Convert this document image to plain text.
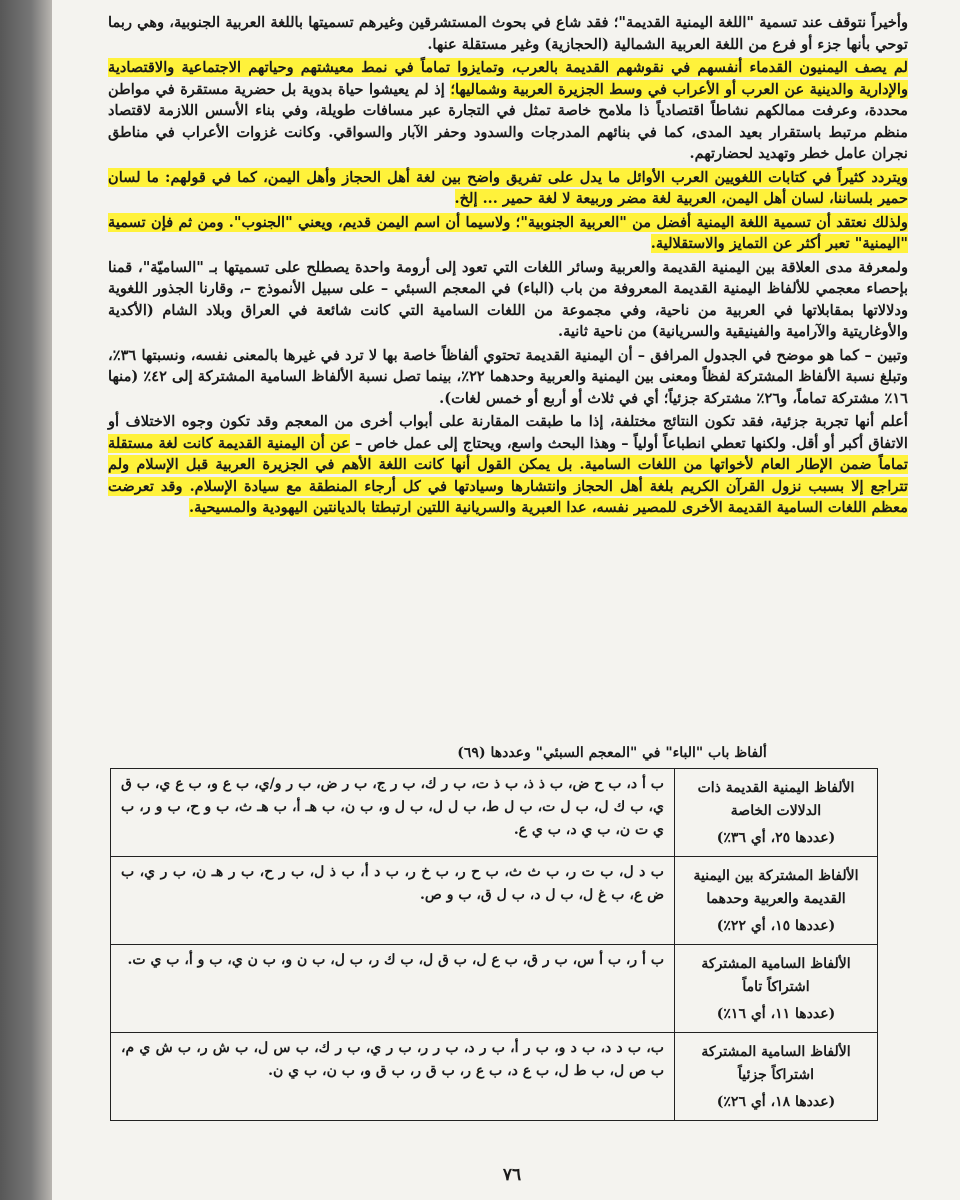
وأخيراً نتوقف عند تسمية "اللغة اليمنية القديمة"؛ فقد شاع في بحوث المستشرقين وغيرهم تسميتها باللغة العربية الجنوبية، وهي ربما توحي بأنها جزء أو فرع من اللغة العربية الشمالية (الحجازية) وغير مستقلة عنها.

لم يصف اليمنيون القدماء أنفسهم في نقوشهم القديمة بالعرب، وتمايزوا تماماً في نمط معيشتهم وحياتهم الاجتماعية والاقتصادية والإدارية والدينية عن العرب أو الأعراب في وسط الجزيرة العربية وشماليها؛ إذ لم يعيشوا حياة بدوية بل حضرية مستقرة في مواطن محددة، وعرفت ممالكهم نشاطاً اقتصادياً ذا ملامح خاصة تمثل في التجارة عبر مسافات طويلة، وفي بناء الأسس اللازمة لاقتصاد منظم مرتبط باستقرار بعيد المدى، كما في بنائهم المدرجات والسدود وحفر الآبار والسواقي. وكانت غزوات الأعراب في مناطق نجران عامل خطر وتهديد لحضارتهم.

ويتردد كثيراً في كتابات اللغويين العرب الأوائل ما يدل على تفريق واضح بين لغة أهل الحجاز وأهل اليمن، كما في قولهم: ما لسان حمير بلساننا، لسان أهل اليمن، العربية لغة مضر وربيعة لا لغة حمير ... إلخ.

ولذلك نعتقد أن تسمية اللغة اليمنية أفضل من "العربية الجنوبية"؛ ولاسيما أن اسم اليمن قديم، ويعني "الجنوب". ومن ثم فإن تسمية "اليمنية" تعبر أكثر عن التمايز والاستقلالية.

ولمعرفة مدى العلاقة بين اليمنية القديمة والعربية وسائر اللغات التي تعود إلى أرومة واحدة يصطلح على تسميتها بـ "الساميّة"، قمنا بإحصاء معجمي للألفاظ اليمنية القديمة المعروفة من باب (الباء) في المعجم السبئي – على سبيل الأنموذج –، وقارنا الجذور اللغوية ودلالاتها بمقابلاتها في العربية من ناحية، وفي مجموعة من اللغات السامية التي كانت شائعة في العراق وبلاد الشام (الأكدية والأوغاريتية والآرامية والفينيقية والسريانية) من ناحية ثانية.

وتبين – كما هو موضح في الجدول المرافق – أن اليمنية القديمة تحتوي ألفاظاً خاصة بها لا ترد في غيرها بالمعنى نفسه، ونسبتها ٣٦٪، وتبلغ نسبة الألفاظ المشتركة لفظاً ومعنى بين اليمنية والعربية وحدهما ٢٢٪، بينما تصل نسبة الألفاظ السامية المشتركة إلى ٤٢٪ (منها ١٦٪ مشتركة تماماً، و٢٦٪ مشتركة جزئياً؛ أي في ثلاث أو أربع أو خمس لغات).

أعلم أنها تجربة جزئية، فقد تكون النتائج مختلفة، إذا ما طبقت المقارنة على أبواب أخرى من المعجم وقد تكون وجوه الاختلاف أو الاتفاق أكبر أو أقل. ولكنها تعطي انطباعاً أولياً – وهذا البحث واسع، ويحتاج إلى عمل خاص – عن أن اليمنية القديمة كانت لغة مستقلة تماماً ضمن الإطار العام لأخواتها من اللغات السامية. بل يمكن القول أنها كانت اللغة الأهم في الجزيرة العربية قبل الإسلام ولم تتراجع إلا بسبب نزول القرآن الكريم بلغة أهل الحجاز وانتشارها وسيادتها في كل أرجاء المنطقة مع سيادة الإسلام. وقد تعرضت معظم اللغات السامية القديمة الأخرى للمصير نفسه، عدا العبرية والسريانية اللتين ارتبطتا بالديانتين اليهودية والمسيحية.

ألفاظ باب "الباء" في "المعجم السبئي" وعددها (٦٩)
الألفاظ اليمنية القديمة ذات الدلالات الخاصة
(عددها ٢٥، أي ٣٦٪)	ب أ د، ب ح ض، ب ذ ذ، ب ذ ت، ب ر ك، ب ر ج، ب ر ض، ب ر و/ي، ب ع و، ب ع ي، ب ق ي، ب ك ل، ب ل ت، ب ل ط، ب ل ل، ب ل و، ب ن، ب هـ أ، ب هـ ث، ب و ح، ب و ر، ب ي ت ن، ب ي د، ب ي ع.

الألفاظ المشتركة بين اليمنية القديمة والعربية وحدهما
(عددها ١٥، أي ٢٢٪)	ب د ل، ب ت ر، ب ث ث، ب ح ر، ب خ ر، ب د أ، ب ذ ل، ب ر ح، ب ر هـ ن، ب ر ي، ب ض ع، ب غ ل، ب ل د، ب ل ق، ب و ص.

الألفاظ السامية المشتركة اشتراكاً تاماً
(عددها ١١، أي ١٦٪)	ب أ ر، ب أ س، ب ر ق، ب ع ل، ب ق ل، ب ك ر، ب ل، ب ن و، ب ن ي، ب و أ، ب ي ت.

الألفاظ السامية المشتركة اشتراكاً جزئياً
(عددها ١٨، أي ٢٦٪)	ب، ب د د، ب د و، ب ر أ، ب ر د، ب ر ر، ب ر ي، ب ر ك، ب س ل، ب ش ر، ب ش ي م، ب ص ل، ب ط ل، ب ع د، ب ع ر، ب ق ر، ب ق و، ب ن، ب ي ن.
٧٦
